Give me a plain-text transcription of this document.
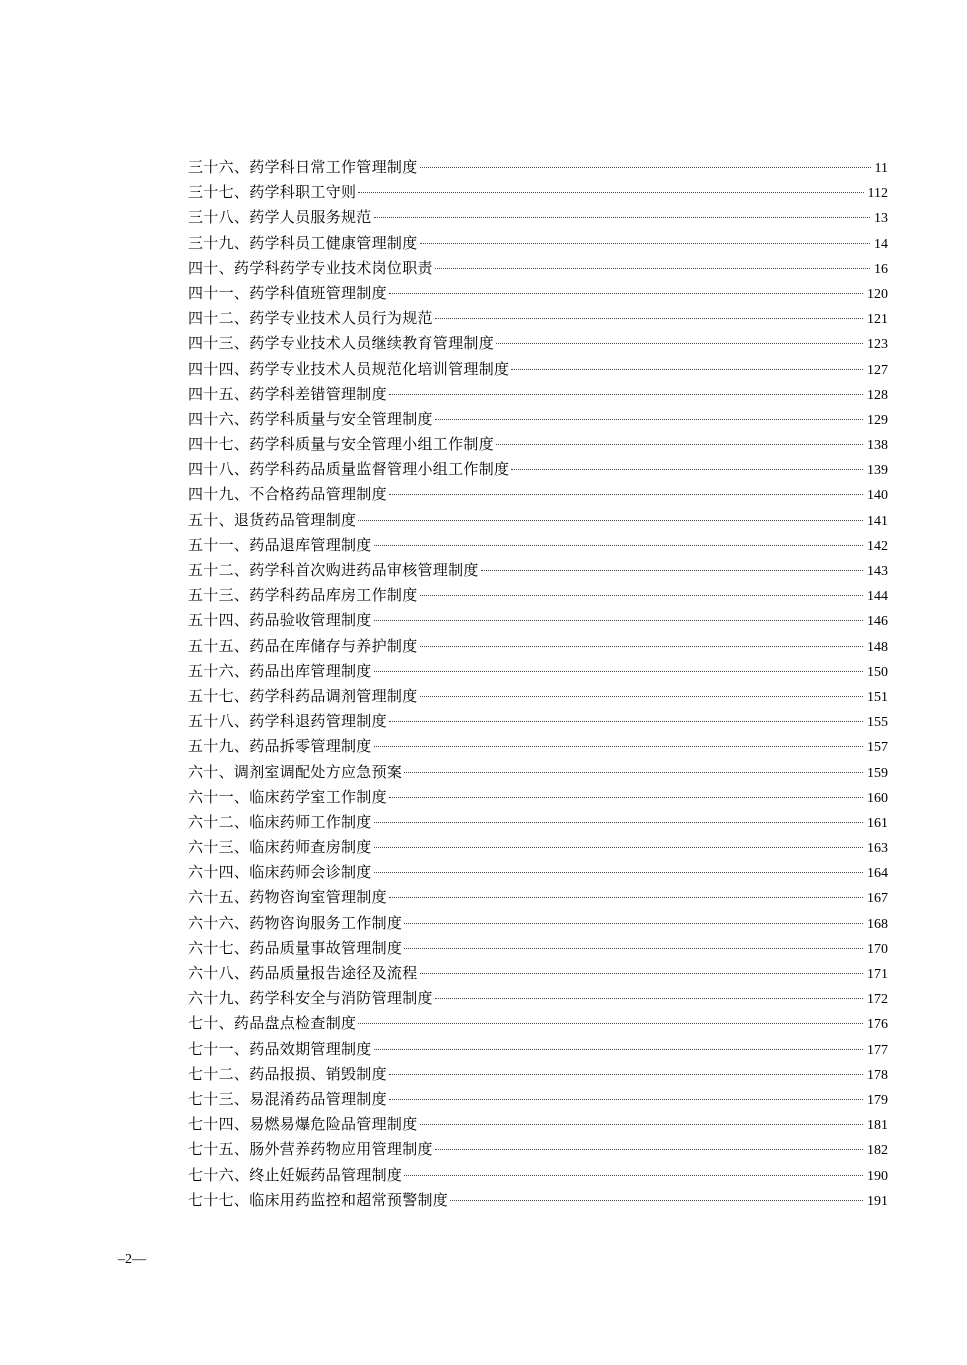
三十六、药学科日常工作管理制度	11
三十七、药学科职工守则	112
三十八、药学人员服务规范	13
三十九、药学科员工健康管理制度	14
四十、药学科药学专业技术岗位职责	16
四十一、药学科值班管理制度	120
四十二、药学专业技术人员行为规范	121
四十三、药学专业技术人员继续教育管理制度	123
四十四、药学专业技术人员规范化培训管理制度	127
四十五、药学科差错管理制度	128
四十六、药学科质量与安全管理制度	129
四十七、药学科质量与安全管理小组工作制度	138
四十八、药学科药品质量监督管理小组工作制度	139
四十九、不合格药品管理制度	140
五十、退货药品管理制度	141
五十一、药品退库管理制度	142
五十二、药学科首次购进药品审核管理制度	143
五十三、药学科药品库房工作制度	144
五十四、药品验收管理制度	146
五十五、药品在库储存与养护制度	148
五十六、药品出库管理制度	150
五十七、药学科药品调剂管理制度	151
五十八、药学科退药管理制度	155
五十九、药品拆零管理制度	157
六十、调剂室调配处方应急预案	159
六十一、临床药学室工作制度	160
六十二、临床药师工作制度	161
六十三、临床药师查房制度	163
六十四、临床药师会诊制度	164
六十五、药物咨询室管理制度	167
六十六、药物咨询服务工作制度	168
六十七、药品质量事故管理制度	170
六十八、药品质量报告途径及流程	171
六十九、药学科安全与消防管理制度	172
七十、药品盘点检查制度	176
七十一、药品效期管理制度	177
七十二、药品报损、销毁制度	178
七十三、易混淆药品管理制度	179
七十四、易燃易爆危险品管理制度	181
七十五、肠外营养药物应用管理制度	182
七十六、终止妊娠药品管理制度	190
七十七、临床用药监控和超常预警制度	191
–2—
